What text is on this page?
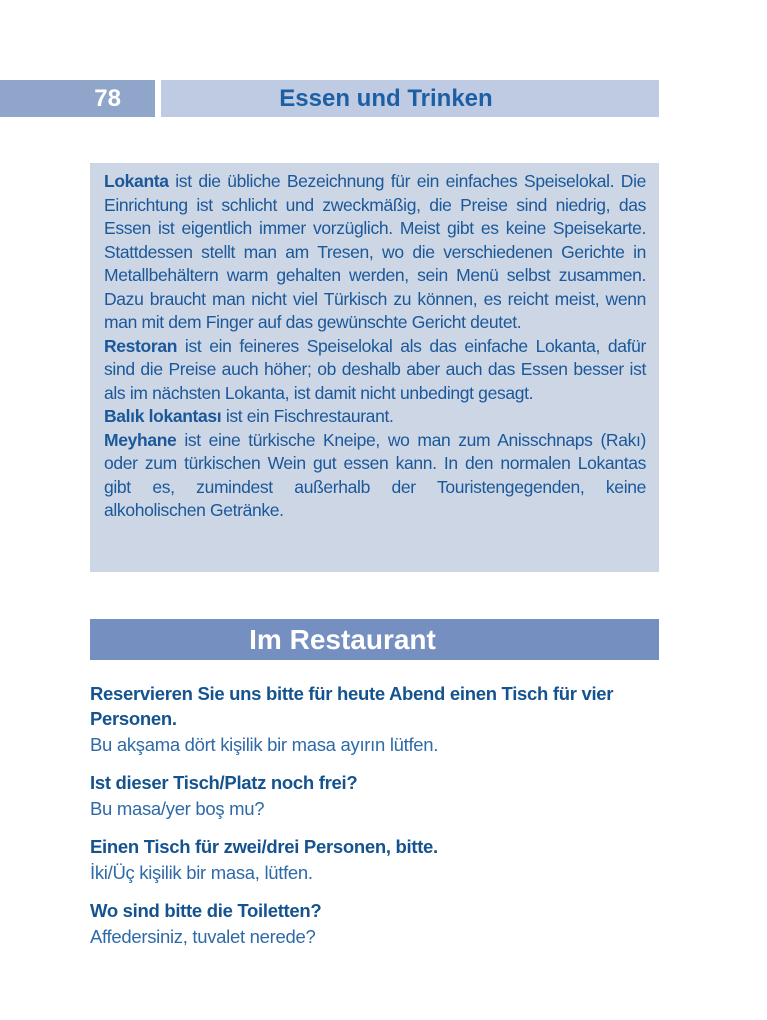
78	Essen und Trinken

Lokanta ist die übliche Bezeichnung für ein einfaches Speiselokal. Die Einrichtung ist schlicht und zweckmäßig, die Preise sind niedrig, das Essen ist eigentlich immer vorzüglich. Meist gibt es keine Speisekarte. Stattdessen stellt man am Tresen, wo die verschiedenen Gerichte in Metallbehältern warm gehalten werden, sein Menü selbst zusammen. Dazu braucht man nicht viel Türkisch zu können, es reicht meist, wenn man mit dem Finger auf das gewünschte Gericht deutet.

Restoran ist ein feineres Speiselokal als das einfache Lokanta, dafür sind die Preise auch höher; ob deshalb aber auch das Essen besser ist als im nächsten Lokanta, ist damit nicht unbedingt gesagt.

Balık lokantası ist ein Fischrestaurant.

Meyhane ist eine türkische Kneipe, wo man zum Anisschnaps (Rakı) oder zum türkischen Wein gut essen kann. In den normalen Lokantas gibt es, zumindest außerhalb der Touristengegenden, keine alkoholischen Getränke.

Im Restaurant
Reservieren Sie uns bitte für heute Abend einen Tisch für vier Personen.
Bu akşama dört kişilik bir masa ayırın lütfen.
Ist dieser Tisch/Platz noch frei?
Bu masa/yer boş mu?
Einen Tisch für zwei/drei Personen, bitte.
İki/Üç kişilik bir masa, lütfen.
Wo sind bitte die Toiletten?
Affedersiniz, tuvalet nerede?
